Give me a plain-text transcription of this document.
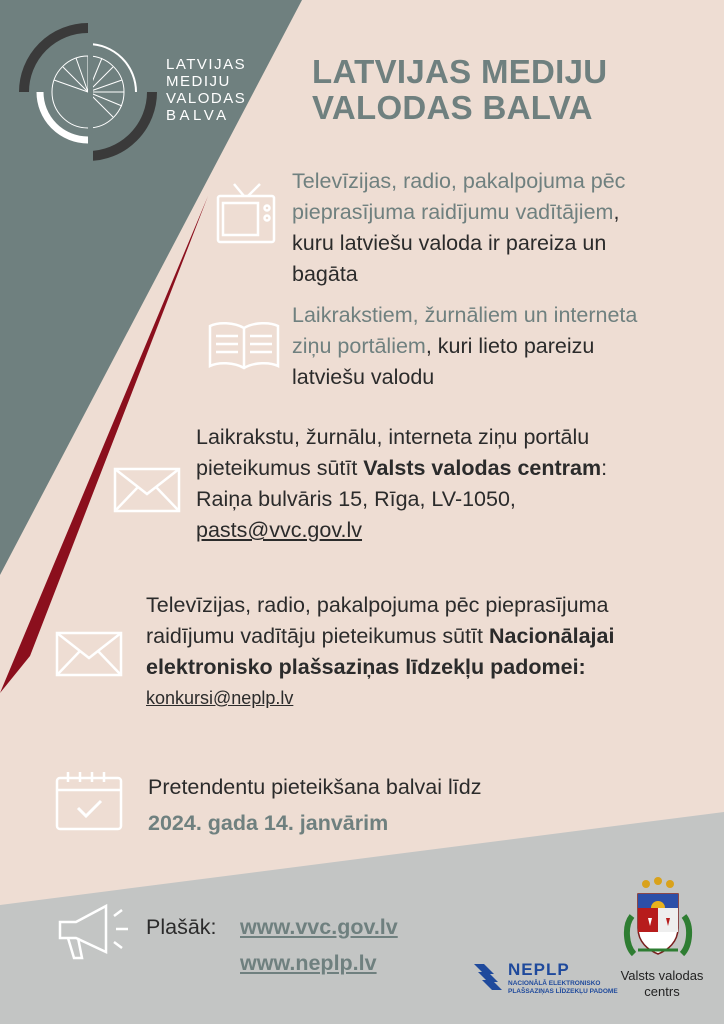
LATVIJAS
MEDIJU
VALODAS
BALVA
LATVIJAS MEDIJU
VALODAS BALVA
Televīzijas, radio, pakalpojuma pēc
pieprasījuma raidījumu vadītājiem,
kuru latviešu valoda ir pareiza un
bagāta
Laikrakstiem, žurnāliem un interneta
ziņu portāliem, kuri lieto pareizu
latviešu valodu
Laikrakstu, žurnālu, interneta ziņu portālu
pieteikumus sūtīt Valsts valodas centram:
Raiņa bulvāris 15, Rīga, LV-1050,
pasts@vvc.gov.lv
Televīzijas, radio, pakalpojuma pēc pieprasījuma
raidījumu vadītāju pieteikumus sūtīt Nacionālajai
elektronisko plašsaziņas līdzekļu padomei:
konkursi@neplp.lv
Pretendentu pieteikšana balvai līdz
2024. gada 14. janvārim
Plašāk: www.vvc.gov.lv
www.neplp.lv	NEPLP
NACIONĀLĀ ELEKTRONISKO
PLAŠSAZIŅAS LĪDZEKĻU PADOME
Valsts valodas
centrs
